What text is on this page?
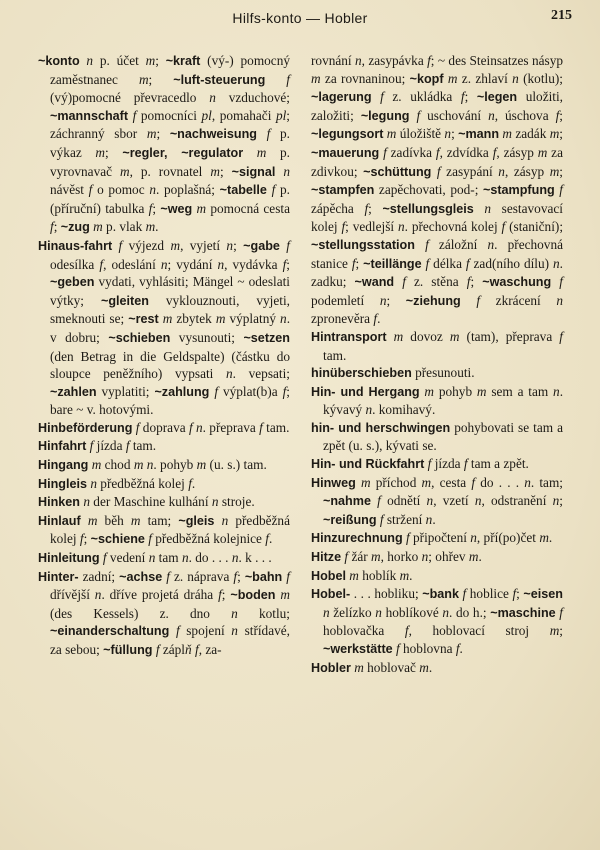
Hilfs-konto — Hobler	215

~konto n p. účet m; ~kraft (vý-) pomocný zaměstnanec m; ~luft-steuerung f (vý)pomocné převracedlo n vzduchové; ~mannschaft f pomocníci pl, pomahači pl; záchranný sbor m; ~nachweisung f p. výkaz m; ~regler, ~regulator m p. vyrovnavač m, p. rovnatel m; ~signal n návěst f o pomoc n. poplašná; ~tabelle f p. (příruční) tabulka f; ~weg m pomocná cesta f; ~zug m p. vlak m.

Hinaus-fahrt f výjezd m, vyjetí n; ~gabe f odesílka f, odeslání n; vydání n, vydávka f; ~geben vydati, vyhlásiti; Mängel ~ odeslati výtky; ~gleiten vyklouznouti, vyjeti, smeknouti se; ~rest m zbytek m výplatný n. v dobru; ~schieben vysunouti; ~setzen (den Betrag in die Geldspalte) (částku do sloupce peněžního) vypsati n. vepsati; ~zahlen vyplatiti; ~zahlung f výplat(b)a f; bare ~ v. hotovými.

Hinbeförderung f doprava f n. přeprava f tam.

Hinfahrt f jízda f tam.

Hingang m chod m n. pohyb m (u. s.) tam.

Hingleis n předběžná kolej f.

Hinken n der Maschine kulhání n stroje.

Hinlauf m běh m tam; ~gleis n předběžná kolej f; ~schiene f předběžná kolejnice f.

Hinleitung f vedení n tam n. do . . . n. k . . .

Hinter- zadní; ~achse f z. náprava f; ~bahn f dřívější n. dříve projetá dráha f; ~boden m (des Kessels) z. dno n kotlu; ~einanderschaltung f spojení n střídavé, za sebou; ~füllung f záplň f, za-

rovnání n, zasypávka f; ~ des Steinsatzes násyp m za rovnaninou; ~kopf m z. zhlaví n (kotlu); ~lagerung f z. ukládka f; ~legen uložiti, založiti; ~legung f uschování n, úschova f; ~legungsort m úložiště n; ~mann m zadák m; ~mauerung f zadívka f, zdvídka f, zásyp m za zdivkou; ~schüttung f zasypání n, zásyp m; ~stampfen zapěchovati, pod-; ~stampfung f zápěcha f; ~stellungsgleis n sestavovací kolej f; vedlejší n. přechovná kolej f (staniční); ~stellungsstation f záložní n. přechovná stanice f; ~teillänge f délka f zad(ního dílu) n. zadku; ~wand f z. stěna f; ~waschung f podemletí n; ~ziehung f zkrácení n zpronevěra f.

Hintransport m dovoz m (tam), přeprava f tam.

hinüberschieben přesunouti.

Hin- und Hergang m pohyb m sem a tam n. kývavý n. komihavý.

hin- und herschwingen pohybovati se tam a zpět (u. s.), kývati se.

Hin- und Rückfahrt f jízda f tam a zpět.

Hinweg m příchod m, cesta f do . . . n. tam; ~nahme f odnětí n, vzetí n, odstranění n; ~reißung f stržení n.

Hinzurechnung f připočtení n, pří(po)čet m.

Hitze f žár m, horko n; ohřev m.

Hobel m hoblík m.

Hobel- . . . hobliku; ~bank f hoblice f; ~eisen n želízko n hoblíkové n. do h.; ~maschine f hoblovačka f, hoblovací stroj m; ~werkstätte f hoblovna f.

Hobler m hoblovač m.
